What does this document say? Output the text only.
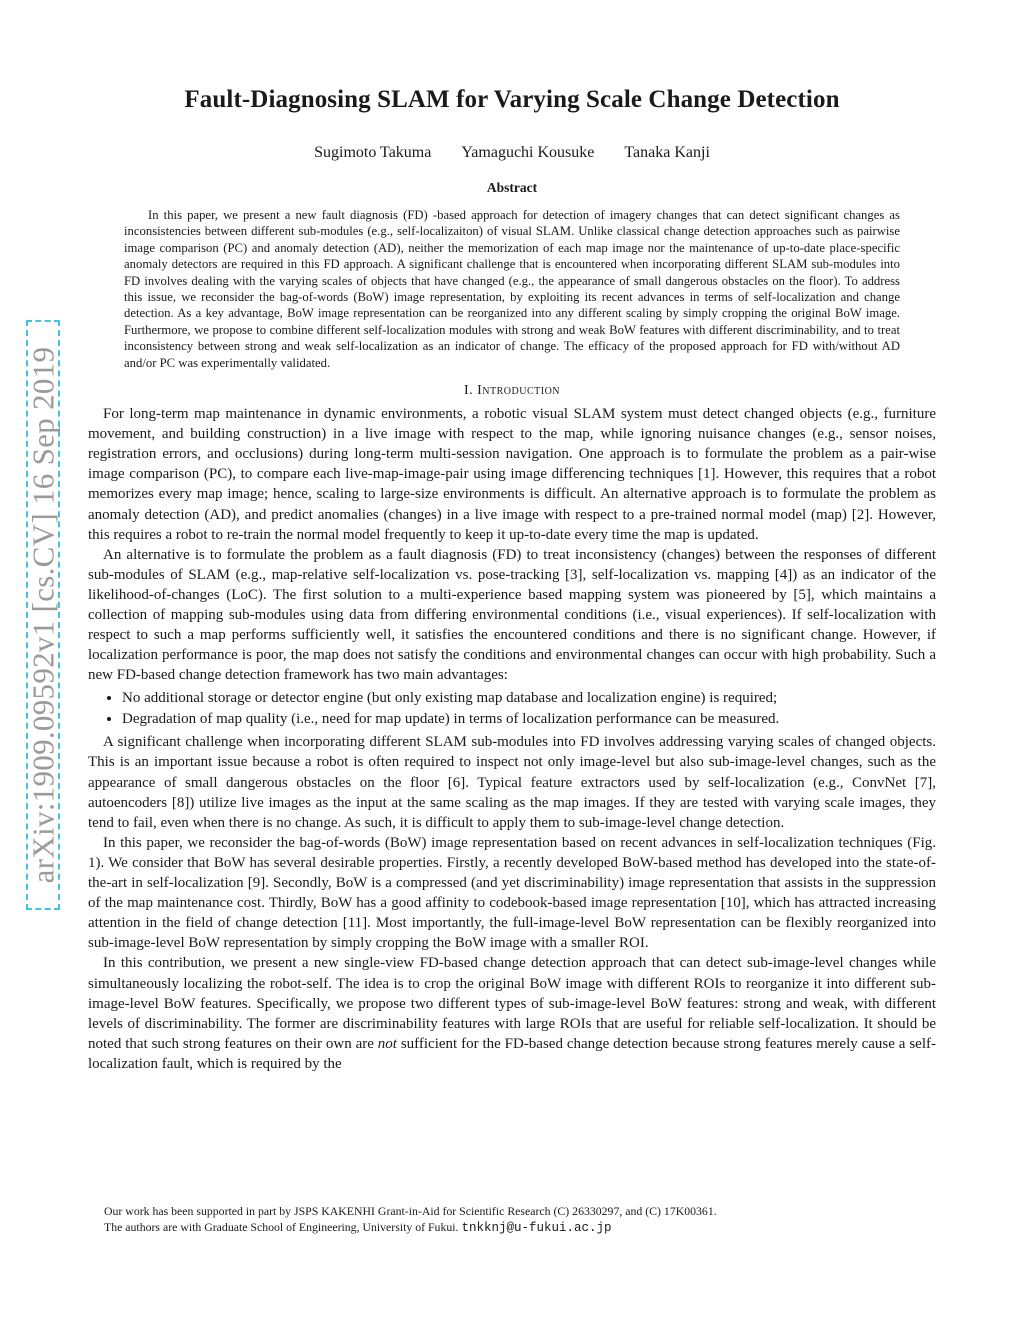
arXiv:1909.09592v1 [cs.CV] 16 Sep 2019
Fault-Diagnosing SLAM for Varying Scale Change Detection
Sugimoto Takuma Yamaguchi Kousuke Tanaka Kanji
Abstract

In this paper, we present a new fault diagnosis (FD) -based approach for detection of imagery changes that can detect significant changes as inconsistencies between different sub-modules (e.g., self-localizaiton) of visual SLAM. Unlike classical change detection approaches such as pairwise image comparison (PC) and anomaly detection (AD), neither the memorization of each map image nor the maintenance of up-to-date place-specific anomaly detectors are required in this FD approach. A significant challenge that is encountered when incorporating different SLAM sub-modules into FD involves dealing with the varying scales of objects that have changed (e.g., the appearance of small dangerous obstacles on the floor). To address this issue, we reconsider the bag-of-words (BoW) image representation, by exploiting its recent advances in terms of self-localization and change detection. As a key advantage, BoW image representation can be reorganized into any different scaling by simply cropping the original BoW image. Furthermore, we propose to combine different self-localization modules with strong and weak BoW features with different discriminability, and to treat inconsistency between strong and weak self-localization as an indicator of change. The efficacy of the proposed approach for FD with/without AD and/or PC was experimentally validated.

I. Introduction

For long-term map maintenance in dynamic environments, a robotic visual SLAM system must detect changed objects (e.g., furniture movement, and building construction) in a live image with respect to the map, while ignoring nuisance changes (e.g., sensor noises, registration errors, and occlusions) during long-term multi-session navigation. One approach is to formulate the problem as a pair-wise image comparison (PC), to compare each live-map-image-pair using image differencing techniques [1]. However, this requires that a robot memorizes every map image; hence, scaling to large-size environments is difficult. An alternative approach is to formulate the problem as anomaly detection (AD), and predict anomalies (changes) in a live image with respect to a pre-trained normal model (map) [2]. However, this requires a robot to re-train the normal model frequently to keep it up-to-date every time the map is updated.

An alternative is to formulate the problem as a fault diagnosis (FD) to treat inconsistency (changes) between the responses of different sub-modules of SLAM (e.g., map-relative self-localization vs. pose-tracking [3], self-localization vs. mapping [4]) as an indicator of the likelihood-of-changes (LoC). The first solution to a multi-experience based mapping system was pioneered by [5], which maintains a collection of mapping sub-modules using data from differing environmental conditions (i.e., visual experiences). If self-localization with respect to such a map performs sufficiently well, it satisfies the encountered conditions and there is no significant change. However, if localization performance is poor, the map does not satisfy the conditions and environmental changes can occur with high probability. Such a new FD-based change detection framework has two main advantages:

• No additional storage or detector engine (but only existing map database and localization engine) is required;
• Degradation of map quality (i.e., need for map update) in terms of localization performance can be measured.

A significant challenge when incorporating different SLAM sub-modules into FD involves addressing varying scales of changed objects. This is an important issue because a robot is often required to inspect not only image-level but also sub-image-level changes, such as the appearance of small dangerous obstacles on the floor [6]. Typical feature extractors used by self-localization (e.g., ConvNet [7], autoencoders [8]) utilize live images as the input at the same scaling as the map images. If they are tested with varying scale images, they tend to fail, even when there is no change. As such, it is difficult to apply them to sub-image-level change detection.

In this paper, we reconsider the bag-of-words (BoW) image representation based on recent advances in self-localization techniques (Fig. 1). We consider that BoW has several desirable properties. Firstly, a recently developed BoW-based method has developed into the state-of-the-art in self-localization [9]. Secondly, BoW is a compressed (and yet discriminability) image representation that assists in the suppression of the map maintenance cost. Thirdly, BoW has a good affinity to codebook-based image representation [10], which has attracted increasing attention in the field of change detection [11]. Most importantly, the full-image-level BoW representation can be flexibly reorganized into sub-image-level BoW representation by simply cropping the BoW image with a smaller ROI.

In this contribution, we present a new single-view FD-based change detection approach that can detect sub-image-level changes while simultaneously localizing the robot-self. The idea is to crop the original BoW image with different ROIs to reorganize it into different sub-image-level BoW features. Specifically, we propose two different types of sub-image-level BoW features: strong and weak, with different levels of discriminability. The former are discriminability features with large ROIs that are useful for reliable self-localization. It should be noted that such strong features on their own are not sufficient for the FD-based change detection because strong features merely cause a self-localization fault, which is required by the

Our work has been supported in part by JSPS KAKENHI Grant-in-Aid for Scientific Research (C) 26330297, and (C) 17K00361.
The authors are with Graduate School of Engineering, University of Fukui. tnkknj@u-fukui.ac.jp
